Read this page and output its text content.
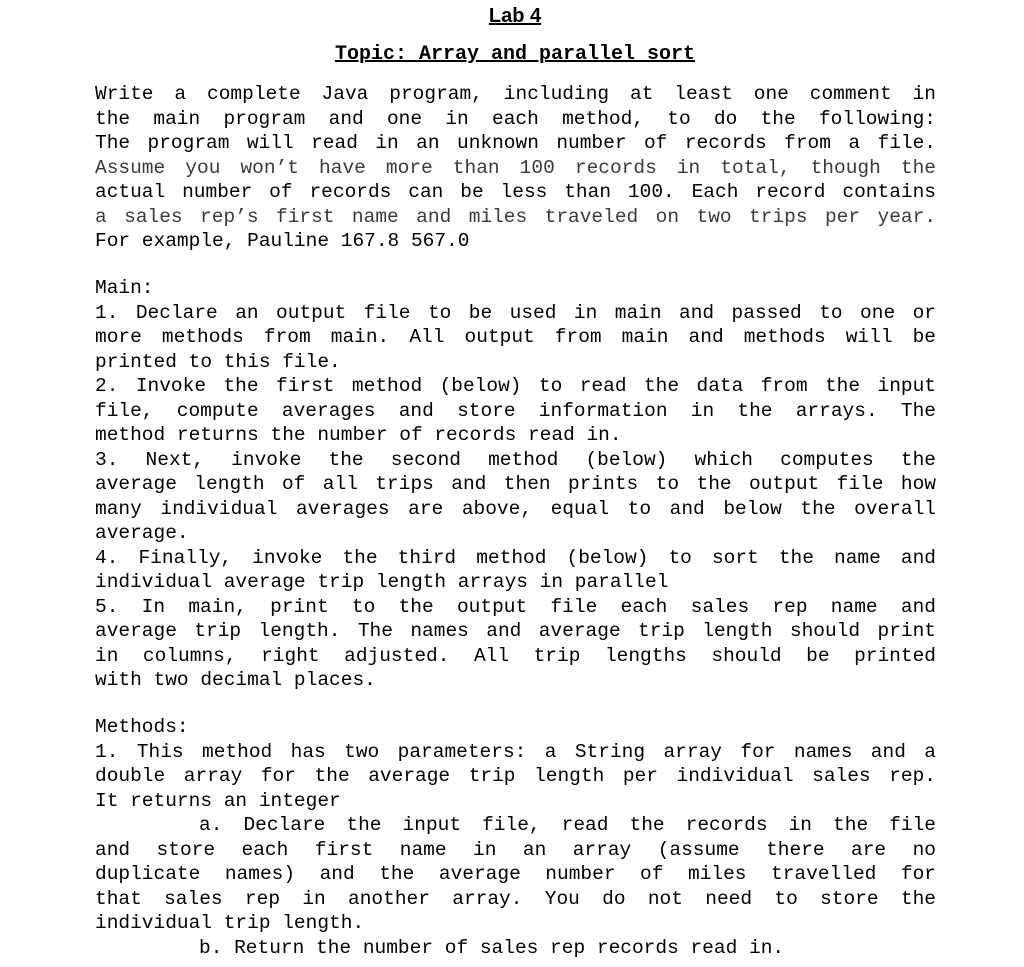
Lab 4
Topic: Array and parallel sort
Write a complete Java program, including at least one comment in
the main program and one in each method, to do the following:
The program will read in an unknown number of records from a file.
Assume you won’t have more than 100 records in total, though the
actual number of records can be less than 100. Each record contains
a sales rep’s first name and miles traveled on two trips per year.
For example, Pauline 167.8 567.0
Main:
1. Declare an output file to be used in main and passed to one or
more methods from main. All output from main and methods will be
printed to this file.
2. Invoke the first method (below) to read the data from the input
file, compute averages and store information in the arrays. The
method returns the number of records read in.
3. Next, invoke the second method (below) which computes the
average length of all trips and then prints to the output file how
many individual averages are above, equal to and below the overall
average.
4. Finally, invoke the third method (below) to sort the name and
individual average trip length arrays in parallel
5. In main, print to the output file each sales rep name and
average trip length. The names and average trip length should print
in columns, right adjusted. All trip lengths should be printed
with two decimal places.
Methods:
1. This method has two parameters: a String array for names and a
double array for the average trip length per individual sales rep.
It returns an integer
a. Declare the input file, read the records in the file
and store each first name in an array (assume there are no
duplicate names) and the average number of miles travelled for
that sales rep in another array. You do not need to store the
individual trip length.
b. Return the number of sales rep records read in.
